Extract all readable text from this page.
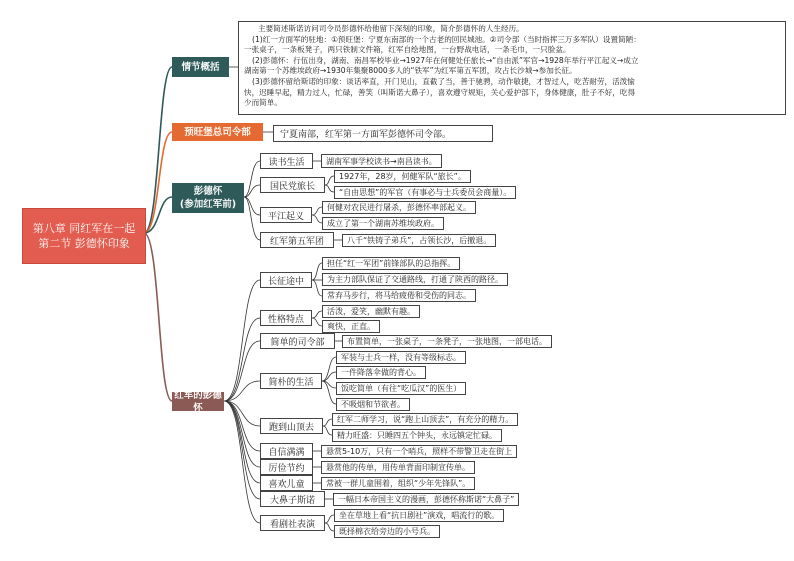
第八章 同红军在一起
第二节 彭德怀印象
情节概括
预旺堡总司令部
彭德怀
(参加红军前)
红军的彭德怀
主要简述斯诺访问司令员彭德怀给他留下深刻的印象，简介彭德怀的人生经历。
(1)红一方面军的驻地：①预旺堡：宁夏东南部的一个古老的回民城池。②司令部（当时指挥三万多军队）设置简陋：
一张桌子，一条板凳子，两只铁制文件箱，红军自绘地图，一台野战电话，一条毛巾，一只脸盆。
(2)彭德怀：行伍出身，湖南、南昌军校毕业→1927年在何健处任旅长→“自由派”军官→1928年举行平江起义→成立
湖南第一个苏维埃政府→1930年集聚8000多人的“铁军”为红军第五军团，攻占长沙城→参加长征。
(3)彭德怀留给斯诺的印象：谈话率直，开门见山，直截了当，善于驰骋，动作敏捷，才智过人，吃苦耐劳，活泼愉
快，迟睡早起，精力过人，忙碌，善笑（叫斯诺大鼻子），喜欢遵守规矩，关心爱护部下，身体健康，肚子不好，吃得
少而简单。
宁夏南部，红军第一方面军彭德怀司令部。
读书生活	湖南军事学校读书→南昌读书。
国民党旅长
1927年，28岁，何健军队“旅长”。
“自由思想”的军官（有事必与士兵委员会商量）。
平江起义
何健对农民进行屠杀，彭德怀率部起义。
成立了第一个湖南苏维埃政府。
红军第五军团	八千“铁铸子弟兵”，占领长沙，后撤退。
长征途中
担任“红一军团”前锋部队的总指挥。
为主力部队保证了交通路线，打通了陕西的路径。
常弃马步行，将马给疲倦和受伤的同志。
性格特点
活泼，爱笑，幽默有趣。
爽快，正直。
简单的司令部	布置简单，一张桌子，一条凳子，一张地图，一部电话。
简朴的生活
军装与士兵一样，没有等级标志。
一件降落伞做的背心。
饭吃简单（有往“吃瓜汉”的医生）
不吸烟和节欲者。
跑到山顶去
红军二师学习，说“跑上山顶去”，有充分的精力。
精力旺盛：只睡四五个钟头，永远镇定忙碌。
自信满满	悬赏5-10万，只有一个哨兵，照样不带警卫走在街上
厉俭节约	悬赏他的传单，用传单背面印制宣传单。
喜欢儿童	常被一群儿童围着，组织“少年先锋队”。
大鼻子斯诺	一幅日本帝国主义的漫画，彭德怀称斯诺“大鼻子”
看剧社表演
坐在草地上看“抗日剧社”演戏，唱流行的歌。
既择棉衣给旁边的小号兵。
